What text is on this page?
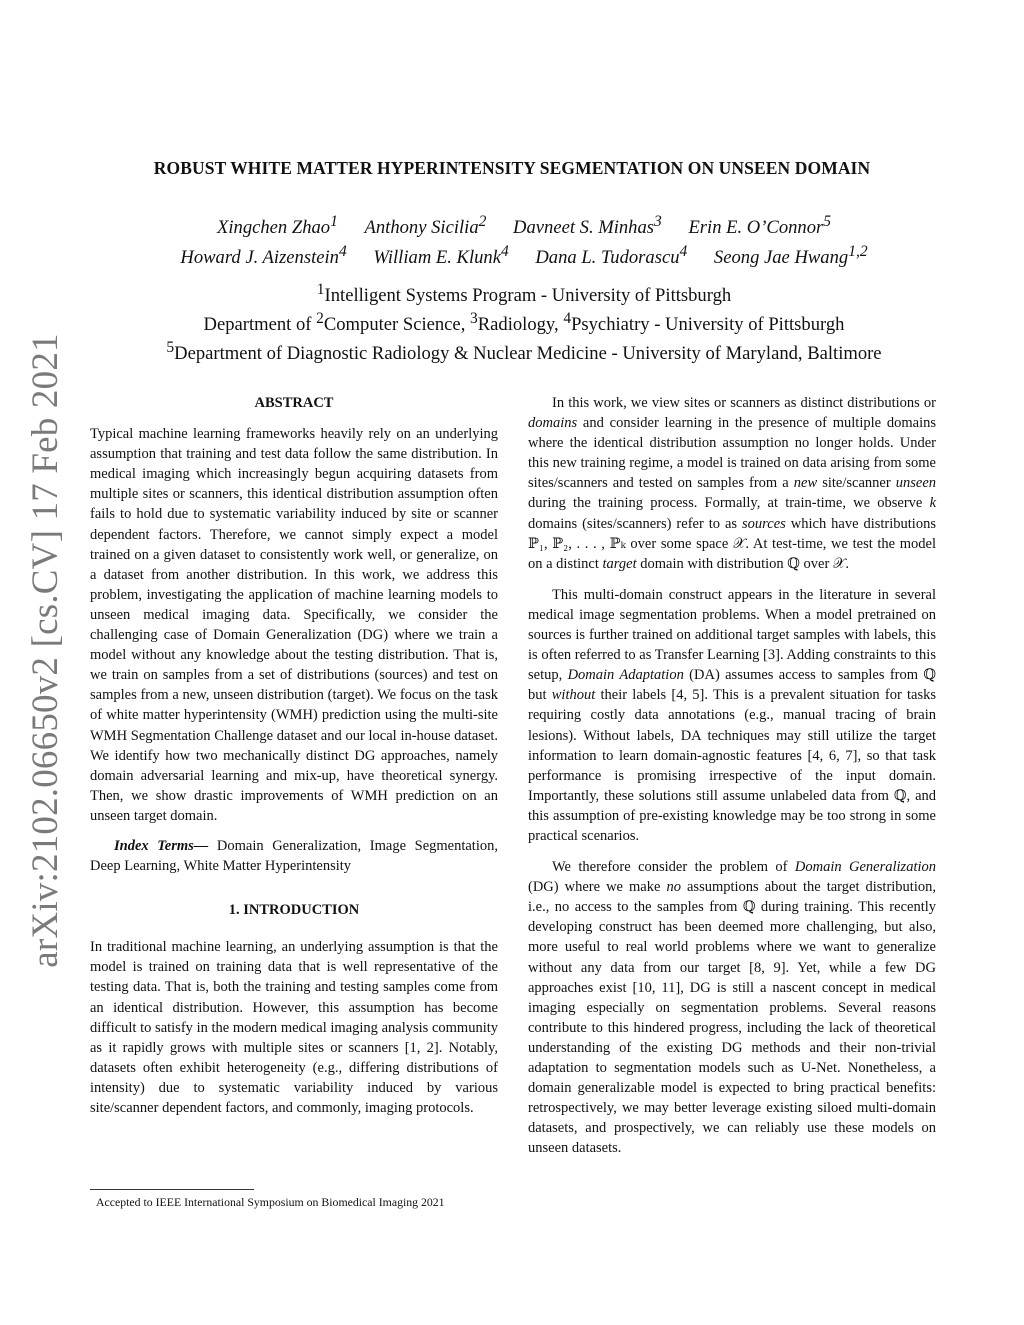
arXiv:2102.06650v2 [cs.CV] 17 Feb 2021
ROBUST WHITE MATTER HYPERINTENSITY SEGMENTATION ON UNSEEN DOMAIN
Xingchen Zhao$^1$ Anthony Sicilia$^2$ Davneet S. Minhas$^3$ Erin E. O’Connor$^5$
Howard J. Aizenstein$^4$ William E. Klunk$^4$ Dana L. Tudorascu$^4$ Seong Jae Hwang$^{1,2}$
$^1$Intelligent Systems Program - University of Pittsburgh
Department of $^2$Computer Science, $^3$Radiology, $^4$Psychiatry - University of Pittsburgh
$^5$Department of Diagnostic Radiology & Nuclear Medicine - University of Maryland, Baltimore
ABSTRACT

Typical machine learning frameworks heavily rely on an underlying assumption that training and test data follow the same distribution. In medical imaging which increasingly begun acquiring datasets from multiple sites or scanners, this identical distribution assumption often fails to hold due to systematic variability induced by site or scanner dependent factors. Therefore, we cannot simply expect a model trained on a given dataset to consistently work well, or generalize, on a dataset from another distribution. In this work, we address this problem, investigating the application of machine learning models to unseen medical imaging data. Specifically, we consider the challenging case of Domain Generalization (DG) where we train a model without any knowledge about the testing distribution. That is, we train on samples from a set of distributions (sources) and test on samples from a new, unseen distribution (target). We focus on the task of white matter hyperintensity (WMH) prediction using the multi-site WMH Segmentation Challenge dataset and our local in-house dataset. We identify how two mechanically distinct DG approaches, namely domain adversarial learning and mix-up, have theoretical synergy. Then, we show drastic improvements of WMH prediction on an unseen target domain.

Index Terms— Domain Generalization, Image Segmentation, Deep Learning, White Matter Hyperintensity

1. INTRODUCTION

In traditional machine learning, an underlying assumption is that the model is trained on training data that is well representative of the testing data. That is, both the training and testing samples come from an identical distribution. However, this assumption has become difficult to satisfy in the modern medical imaging analysis community as it rapidly grows with multiple sites or scanners [1, 2]. Notably, datasets often exhibit heterogeneity (e.g., differing distributions of intensity) due to systematic variability induced by various site/scanner dependent factors, and commonly, imaging protocols.

In this work, we view sites or scanners as distinct distributions or domains and consider learning in the presence of multiple domains where the identical distribution assumption no longer holds. Under this new training regime, a model is trained on data arising from some sites/scanners and tested on samples from a new site/scanner unseen during the training process. Formally, at train-time, we observe k domains (sites/scanners) refer to as sources which have distributions ℙ₁, ℙ₂, . . . , ℙₖ over some space 𝒳. At test-time, we test the model on a distinct target domain with distribution ℚ over 𝒳.

This multi-domain construct appears in the literature in several medical image segmentation problems. When a model pretrained on sources is further trained on additional target samples with labels, this is often referred to as Transfer Learning [3]. Adding constraints to this setup, Domain Adaptation (DA) assumes access to samples from ℚ but without their labels [4, 5]. This is a prevalent situation for tasks requiring costly data annotations (e.g., manual tracing of brain lesions). Without labels, DA techniques may still utilize the target information to learn domain-agnostic features [4, 6, 7], so that task performance is promising irrespective of the input domain. Importantly, these solutions still assume unlabeled data from ℚ, and this assumption of pre-existing knowledge may be too strong in some practical scenarios.

We therefore consider the problem of Domain Generalization (DG) where we make no assumptions about the target distribution, i.e., no access to the samples from ℚ during training. This recently developing construct has been deemed more challenging, but also, more useful to real world problems where we want to generalize without any data from our target [8, 9]. Yet, while a few DG approaches exist [10, 11], DG is still a nascent concept in medical imaging especially on segmentation problems. Several reasons contribute to this hindered progress, including the lack of theoretical understanding of the existing DG methods and their non-trivial adaptation to segmentation models such as U-Net. Nonetheless, a domain generalizable model is expected to bring practical benefits: retrospectively, we may better leverage existing siloed multi-domain datasets, and prospectively, we can reliably use these models on unseen datasets.

Accepted to IEEE International Symposium on Biomedical Imaging 2021
